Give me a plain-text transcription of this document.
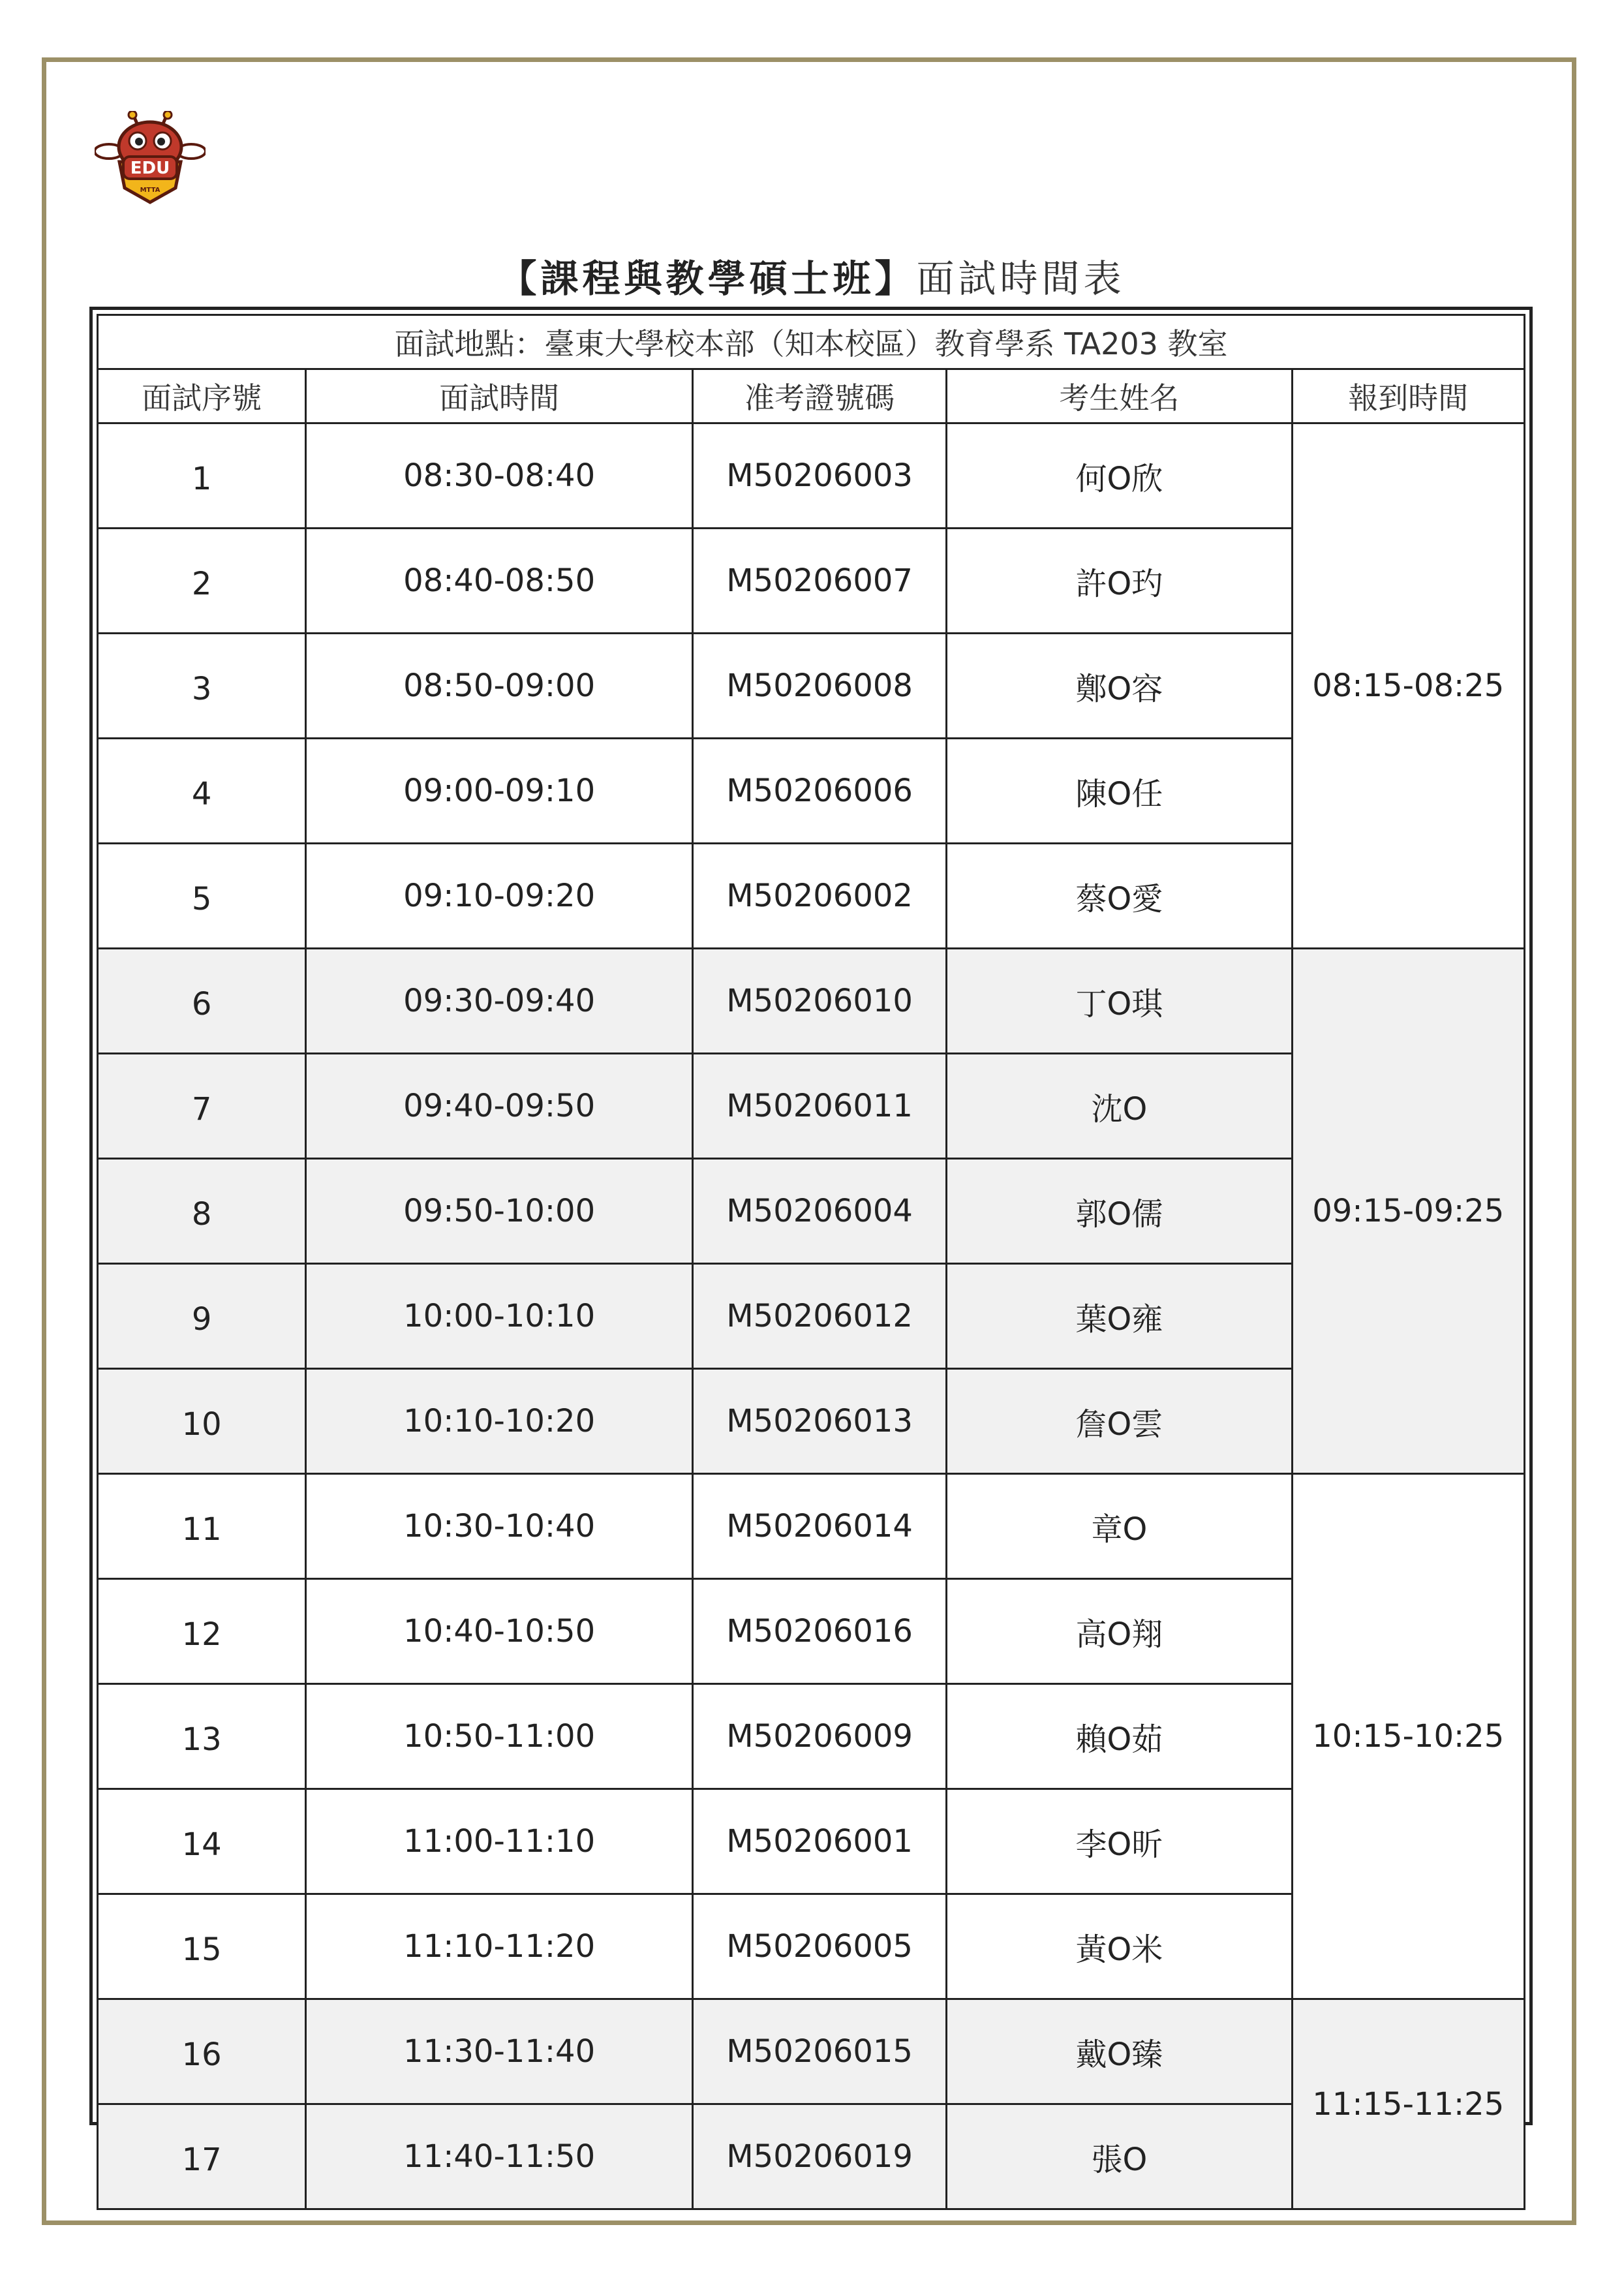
EDU
MTTA
【課程與教學碩士班】面試時間表
面試地點：臺東大學校本部（知本校區）教育學系 TA203 教室				
面試序號	面試時間	准考證號碼	考生姓名	報到時間
1	08:30-08:40	M50206003	何O欣	08:15-08:25
2	08:40-08:50	M50206007	許O玓	
3	08:50-09:00	M50206008	鄭O容	
4	09:00-09:10	M50206006	陳O任	
5	09:10-09:20	M50206002	蔡O愛	
6	09:30-09:40	M50206010	丁O琪	09:15-09:25
7	09:40-09:50	M50206011	沈O	
8	09:50-10:00	M50206004	郭O儒	
9	10:00-10:10	M50206012	葉O雍	
10	10:10-10:20	M50206013	詹O雲	
11	10:30-10:40	M50206014	章O	10:15-10:25
12	10:40-10:50	M50206016	高O翔	
13	10:50-11:00	M50206009	賴O茹	
14	11:00-11:10	M50206001	李O昕	
15	11:10-11:20	M50206005	黃O米	
16	11:30-11:40	M50206015	戴O臻	11:15-11:25
17	11:40-11:50	M50206019	張O	
